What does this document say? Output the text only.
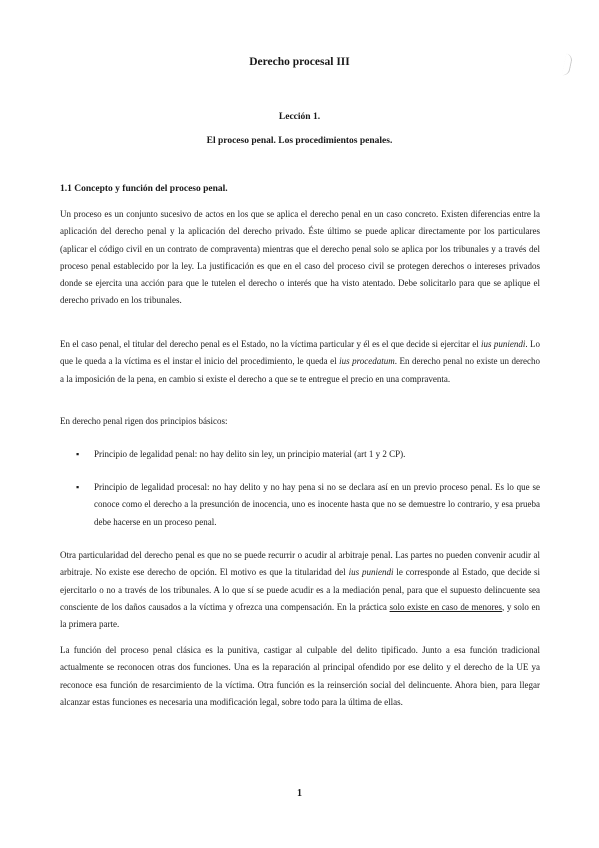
Derecho procesal III
Lección 1.
El proceso penal. Los procedimientos penales.
1.1 Concepto y función del proceso penal.

Un proceso es un conjunto sucesivo de actos en los que se aplica el derecho penal en un caso concreto. Existen diferencias entre la aplicación del derecho penal y la aplicación del derecho privado. Éste último se puede aplicar directamente por los particulares (aplicar el código civil en un contrato de compraventa) mientras que el derecho penal solo se aplica por los tribunales y a través del proceso penal establecido por la ley. La justificación es que en el caso del proceso civil se protegen derechos o intereses privados donde se ejercita una acción para que le tutelen el derecho o interés que ha visto atentado. Debe solicitarlo para que se aplique el derecho privado en los tribunales.

En el caso penal, el titular del derecho penal es el Estado, no la víctima particular y él es el que decide si ejercitar el ius puniendi. Lo que le queda a la víctima es el instar el inicio del procedimiento, le queda el ius procedatum. En derecho penal no existe un derecho a la imposición de la pena, en cambio si existe el derecho a que se te entregue el precio en una compraventa.

En derecho penal rigen dos principios básicos:

▪ Principio de legalidad penal: no hay delito sin ley, un principio material (art 1 y 2 CP).
▪ Principio de legalidad procesal: no hay delito y no hay pena si no se declara así en un previo proceso penal. Es lo que se conoce como el derecho a la presunción de inocencia, uno es inocente hasta que no se demuestre lo contrario, y esa prueba debe hacerse en un proceso penal.

Otra particularidad del derecho penal es que no se puede recurrir o acudir al arbitraje penal. Las partes no pueden convenir acudir al arbitraje. No existe ese derecho de opción. El motivo es que la titularidad del ius puniendi le corresponde al Estado, que decide si ejercitarlo o no a través de los tribunales. A lo que sí se puede acudir es a la mediación penal, para que el supuesto delincuente sea consciente de los daños causados a la víctima y ofrezca una compensación. En la práctica solo existe en caso de menores, y solo en la primera parte.

La función del proceso penal clásica es la punitiva, castigar al culpable del delito tipificado. Junto a esa función tradicional actualmente se reconocen otras dos funciones. Una es la reparación al principal ofendido por ese delito y el derecho de la UE ya reconoce esa función de resarcimiento de la víctima. Otra función es la reinserción social del delincuente. Ahora bien, para llegar alcanzar estas funciones es necesaria una modificación legal, sobre todo para la última de ellas.

1
